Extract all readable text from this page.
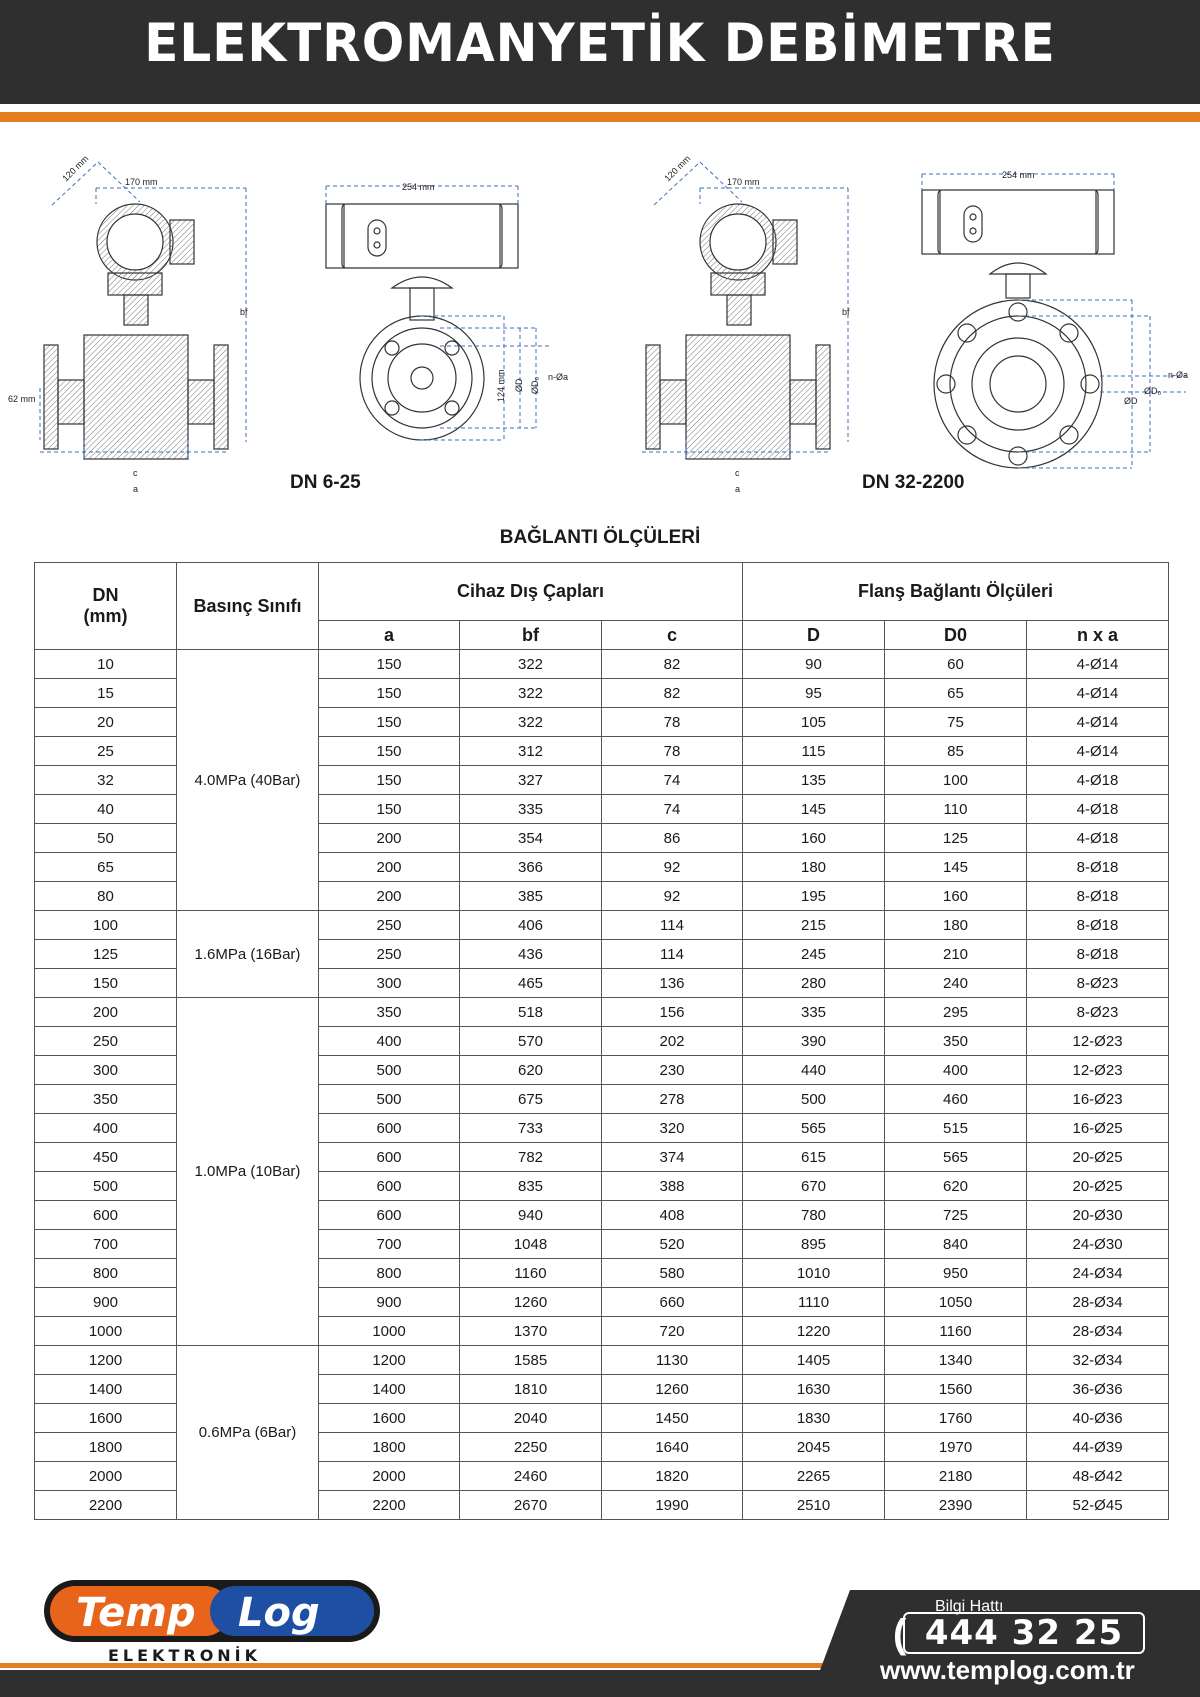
ELEKTROMANYETİK DEBİMETRE
120 mm	170 mm
bf
62 mm
c
a
254 mm
n-Øa
124 mm ØD ØD₀
120 mm	170 mm
bf
c
a
254 mm
ØD
ØD₀
n-Øa
DN 6-25	DN 32-2200
BAĞLANTI ÖLÇÜLERİ
DN
(mm)	Basınç Sınıfı	Cihaz Dış Çapları			Flanş Bağlantı Ölçüleri		
		a	bf	c	D	D0	n x a
10	4.0MPa (40Bar)	150	322	82	90	60	4-Ø14
15		150	322	82	95	65	4-Ø14
20		150	322	78	105	75	4-Ø14
25		150	312	78	115	85	4-Ø14
32		150	327	74	135	100	4-Ø18
40		150	335	74	145	110	4-Ø18
50		200	354	86	160	125	4-Ø18
65		200	366	92	180	145	8-Ø18
80		200	385	92	195	160	8-Ø18
100	1.6MPa (16Bar)	250	406	114	215	180	8-Ø18
125		250	436	114	245	210	8-Ø18
150		300	465	136	280	240	8-Ø23
200	1.0MPa (10Bar)	350	518	156	335	295	8-Ø23
250		400	570	202	390	350	12-Ø23
300		500	620	230	440	400	12-Ø23
350		500	675	278	500	460	16-Ø23
400		600	733	320	565	515	16-Ø25
450		600	782	374	615	565	20-Ø25
500		600	835	388	670	620	20-Ø25
600		600	940	408	780	725	20-Ø30
700		700	1048	520	895	840	24-Ø30
800		800	1160	580	1010	950	24-Ø34
900		900	1260	660	1110	1050	28-Ø34
1000		1000	1370	720	1220	1160	28-Ø34
1200	0.6MPa (6Bar)	1200	1585	1130	1405	1340	32-Ø34
1400		1400	1810	1260	1630	1560	36-Ø36
1600		1600	2040	1450	1830	1760	40-Ø36
1800		1800	2250	1640	2045	1970	44-Ø39
2000		2000	2460	1820	2265	2180	48-Ø42
2200		2200	2670	1990	2510	2390	52-Ø45
Temp Log
ELEKTRONİK
Bilgi Hattı
( 444 32 25
www.templog.com.tr
